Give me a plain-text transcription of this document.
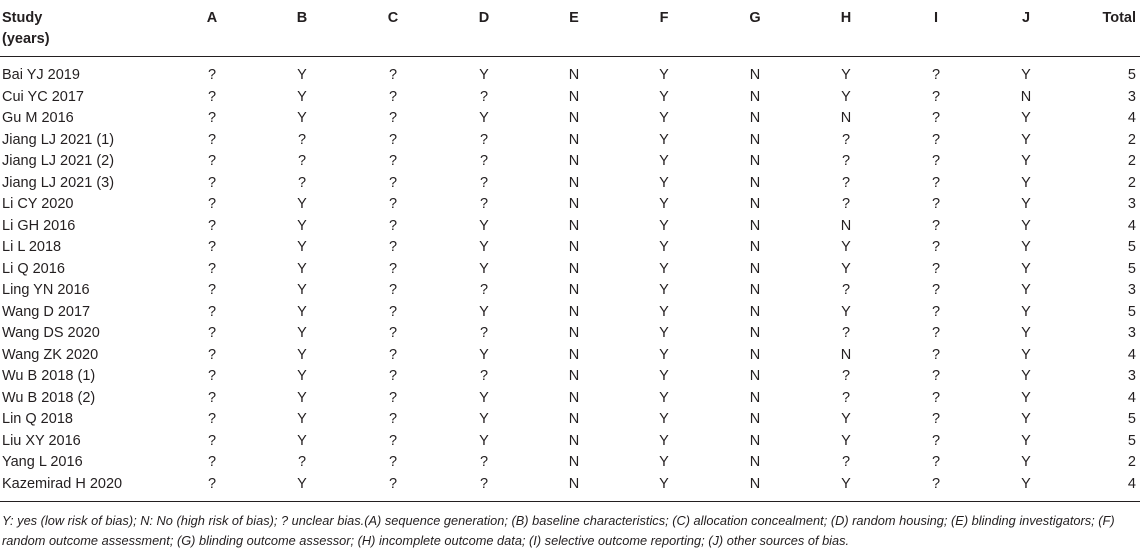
Study
(years)	A	B	C	D	E	F	G	H	I	J	Total
Bai YJ 2019	?	Y	?	Y	N	Y	N	Y	?	Y	5
Cui YC 2017	?	Y	?	?	N	Y	N	Y	?	N	3
Gu M 2016	?	Y	?	Y	N	Y	N	N	?	Y	4
Jiang LJ 2021 (1)	?	?	?	?	N	Y	N	?	?	Y	2
Jiang LJ 2021 (2)	?	?	?	?	N	Y	N	?	?	Y	2
Jiang LJ 2021 (3)	?	?	?	?	N	Y	N	?	?	Y	2
Li CY 2020	?	Y	?	?	N	Y	N	?	?	Y	3
Li GH 2016	?	Y	?	Y	N	Y	N	N	?	Y	4
Li L 2018	?	Y	?	Y	N	Y	N	Y	?	Y	5
Li Q 2016	?	Y	?	Y	N	Y	N	Y	?	Y	5
Ling YN 2016	?	Y	?	?	N	Y	N	?	?	Y	3
Wang D 2017	?	Y	?	Y	N	Y	N	Y	?	Y	5
Wang DS 2020	?	Y	?	?	N	Y	N	?	?	Y	3
Wang ZK 2020	?	Y	?	Y	N	Y	N	N	?	Y	4
Wu B 2018 (1)	?	Y	?	?	N	Y	N	?	?	Y	3
Wu B 2018 (2)	?	Y	?	Y	N	Y	N	?	?	Y	4
Lin Q 2018	?	Y	?	Y	N	Y	N	Y	?	Y	5
Liu XY 2016	?	Y	?	Y	N	Y	N	Y	?	Y	5
Yang L 2016	?	?	?	?	N	Y	N	?	?	Y	2
Kazemirad H 2020	?	Y	?	?	N	Y	N	Y	?	Y	4
Y: yes (low risk of bias); N: No (high risk of bias); ? unclear bias.(A) sequence generation; (B) baseline characteristics; (C) allocation concealment; (D) random housing; (E) blinding investigators; (F) random outcome assessment; (G) blinding outcome assessor; (H) incomplete outcome data; (I) selective outcome reporting; (J) other sources of bias.
